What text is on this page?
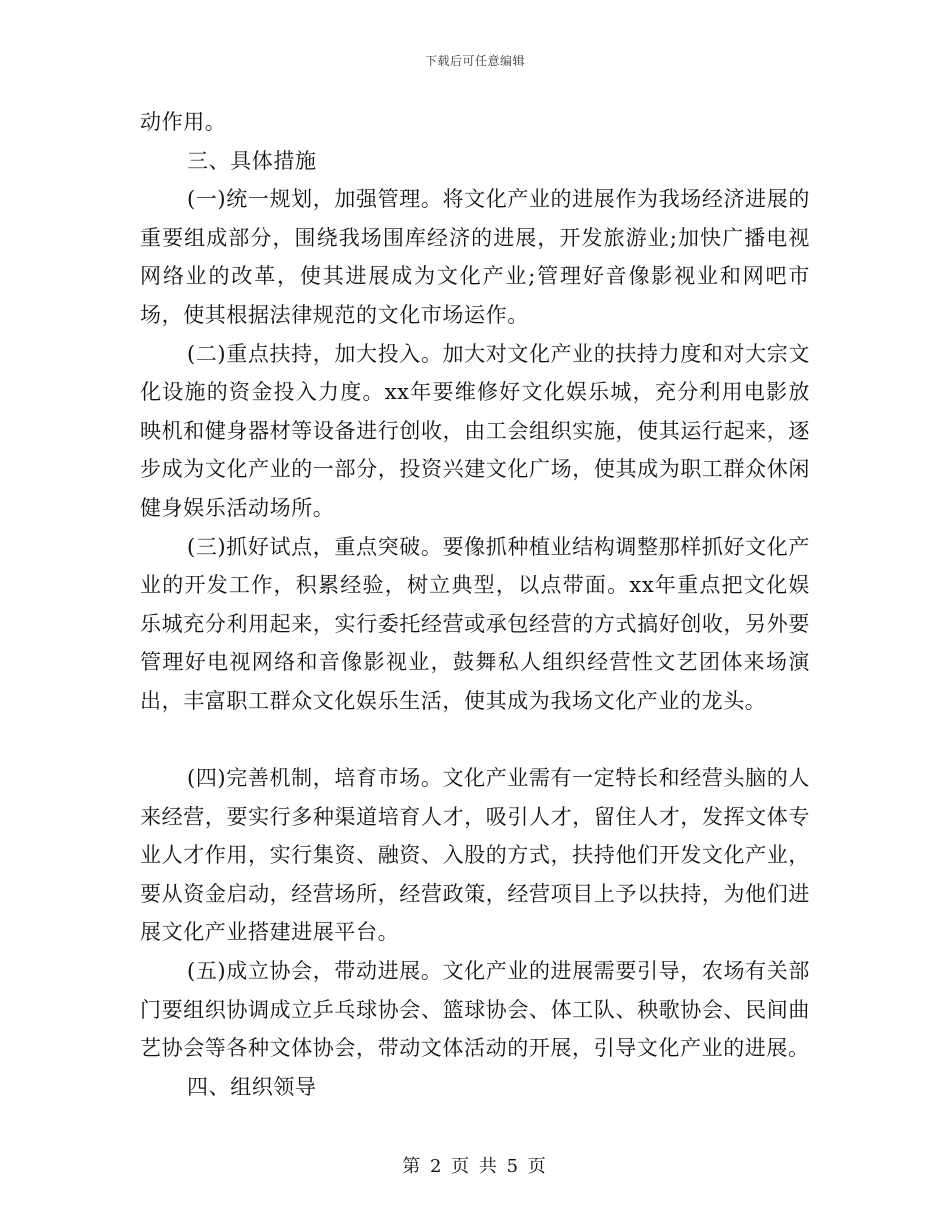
下载后可任意编辑

动作用。

三、具体措施

(一)统一规划，加强管理。将文化产业的进展作为我场经济进展的重要组成部分，围绕我场围库经济的进展，开发旅游业;加快广播电视网络业的改革，使其进展成为文化产业;管理好音像影视业和网吧市场，使其根据法律规范的文化市场运作。

(二)重点扶持，加大投入。加大对文化产业的扶持力度和对大宗文化设施的资金投入力度。xx年要维修好文化娱乐城，充分利用电影放映机和健身器材等设备进行创收，由工会组织实施，使其运行起来，逐步成为文化产业的一部分，投资兴建文化广场，使其成为职工群众休闲健身娱乐活动场所。

(三)抓好试点，重点突破。要像抓种植业结构调整那样抓好文化产业的开发工作，积累经验，树立典型，以点带面。xx年重点把文化娱乐城充分利用起来，实行委托经营或承包经营的方式搞好创收，另外要管理好电视网络和音像影视业，鼓舞私人组织经营性文艺团体来场演出，丰富职工群众文化娱乐生活，使其成为我场文化产业的龙头。

(四)完善机制，培育市场。文化产业需有一定特长和经营头脑的人来经营，要实行多种渠道培育人才，吸引人才，留住人才，发挥文体专业人才作用，实行集资、融资、入股的方式，扶持他们开发文化产业，要从资金启动，经营场所，经营政策，经营项目上予以扶持，为他们进展文化产业搭建进展平台。

(五)成立协会，带动进展。文化产业的进展需要引导，农场有关部门要组织协调成立乒乓球协会、篮球协会、体工队、秧歌协会、民间曲艺协会等各种文体协会，带动文体活动的开展，引导文化产业的进展。

四、组织领导

第 2 页 共 5 页
